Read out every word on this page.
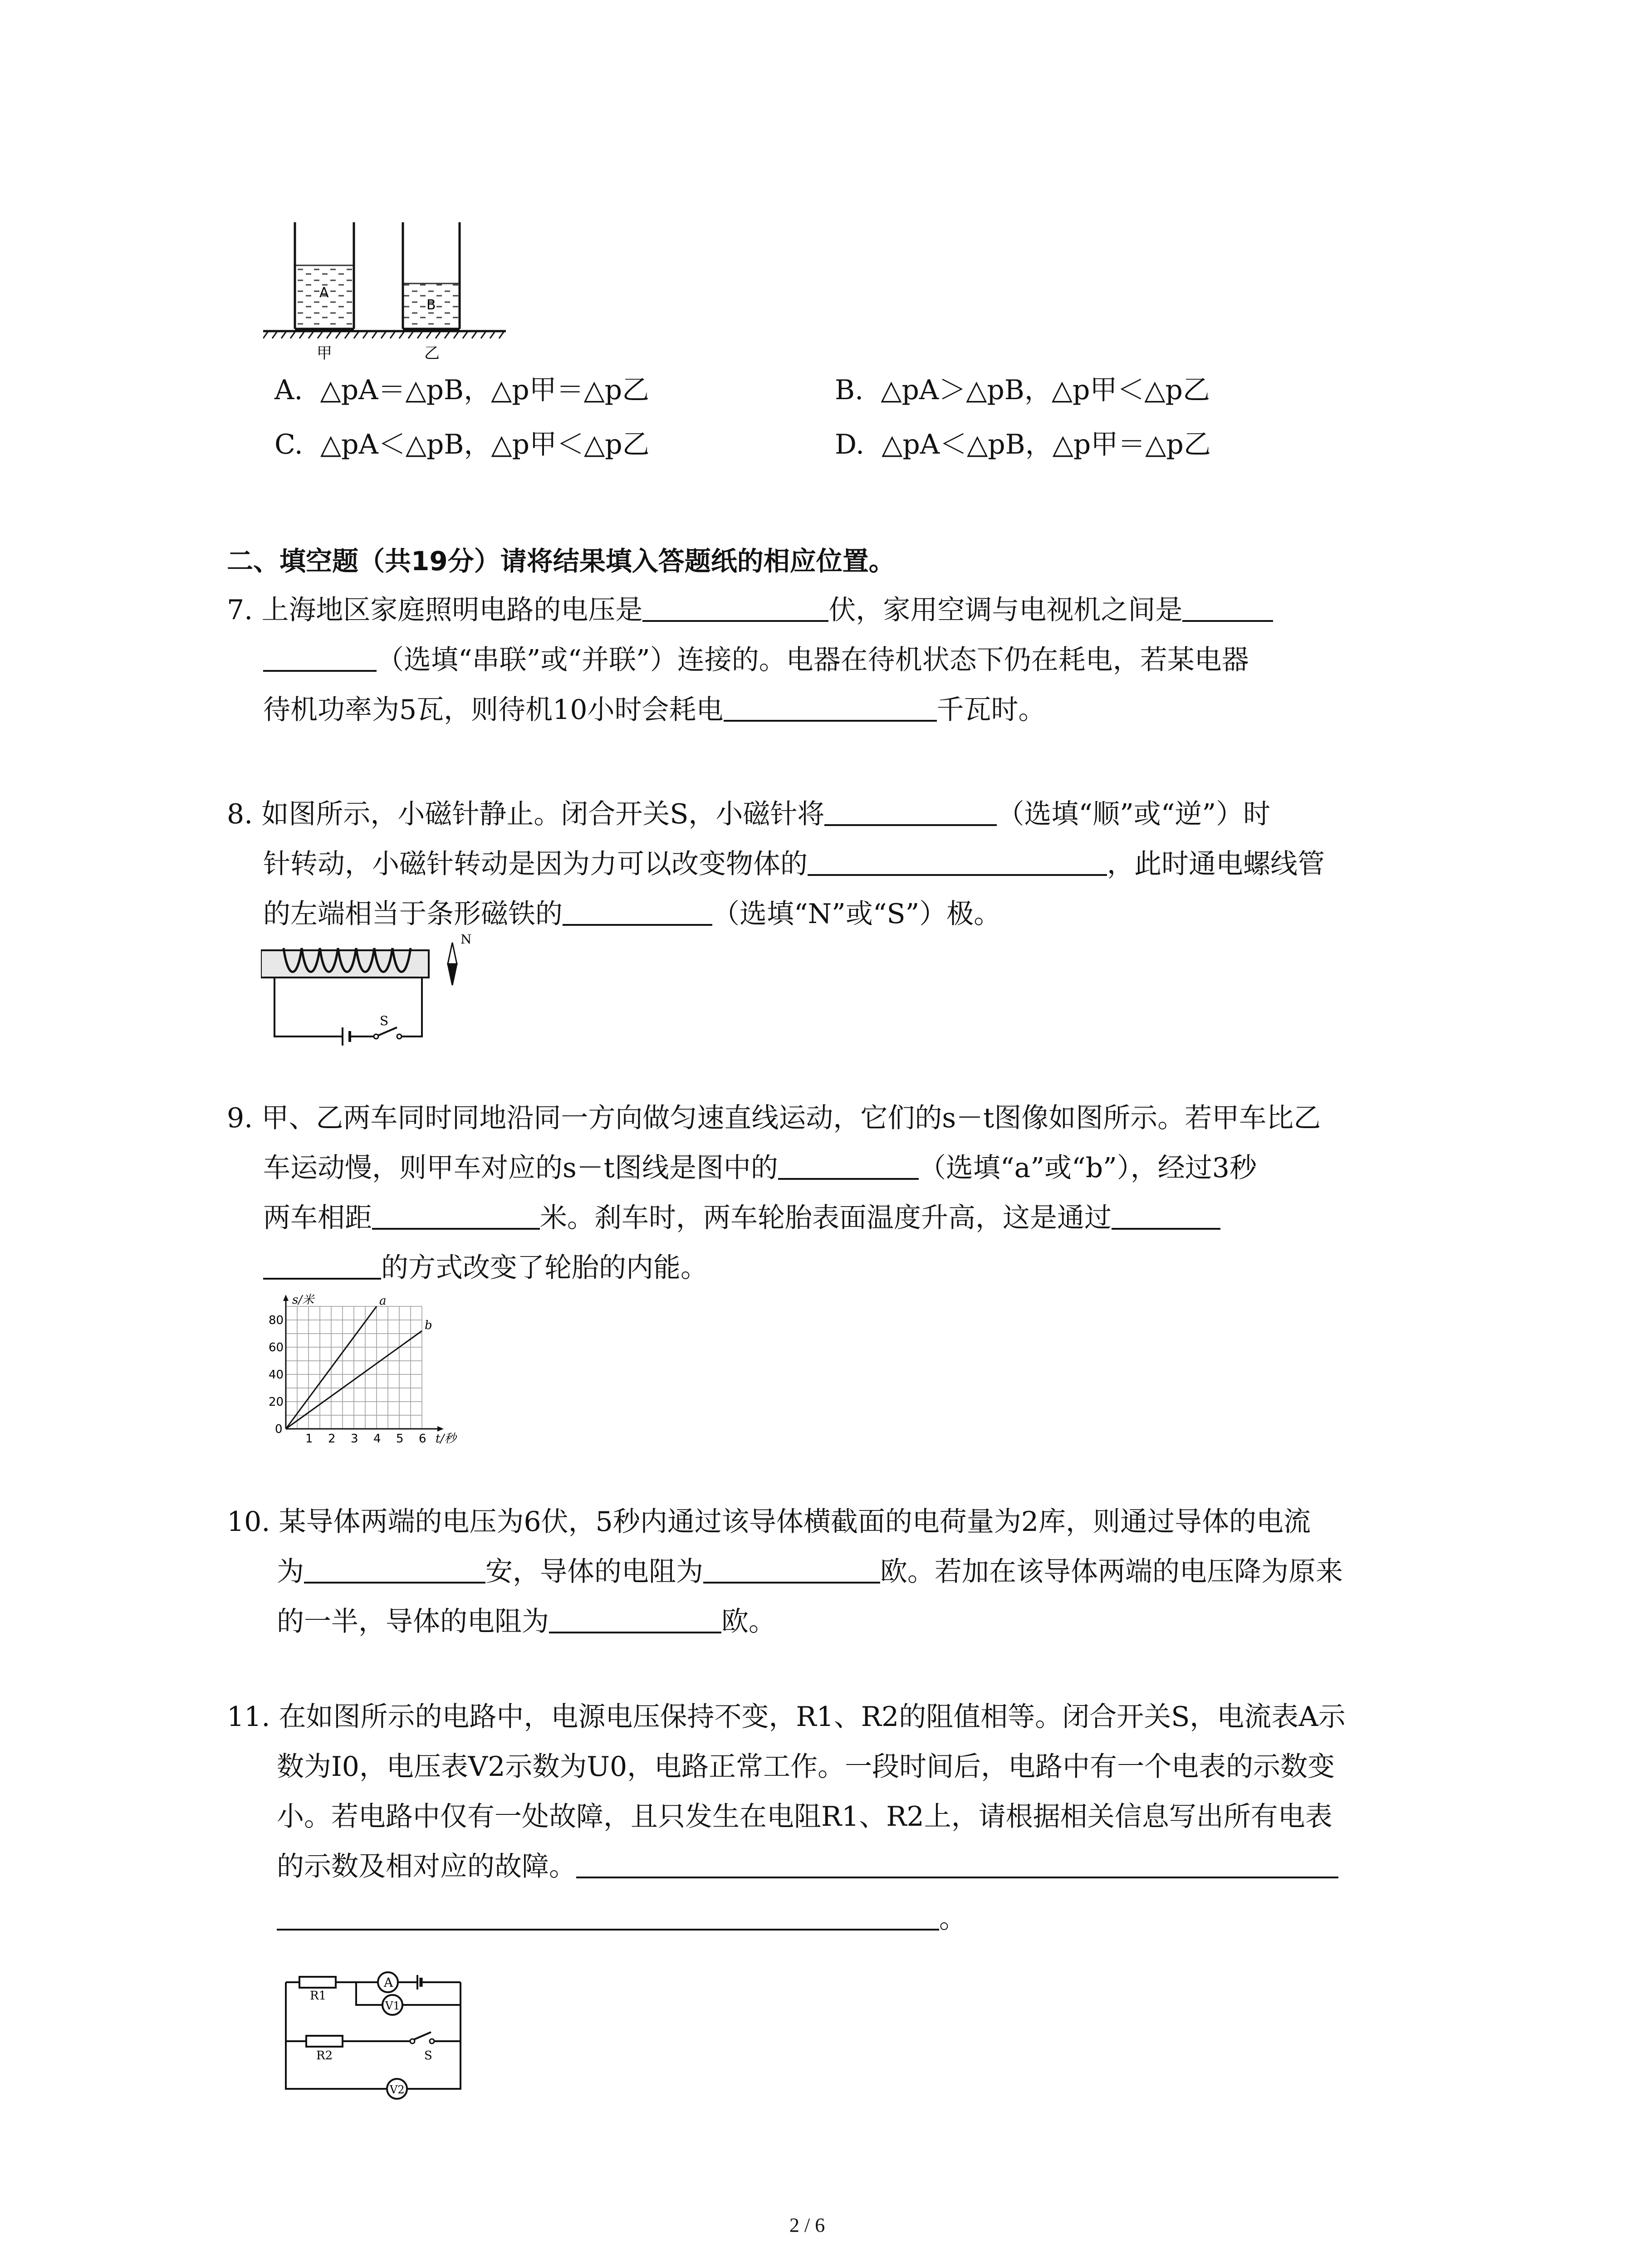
A
B
甲	乙
A. △pA＝△pB，△p甲＝△p乙	B. △pA＞△pB，△p甲＜△p乙
C. △pA＜△pB，△p甲＜△p乙	D. △pA＜△pB，△p甲＝△p乙
二、填空题（共19分）请将结果填入答题纸的相应位置。
7. 上海地区家庭照明电路的电压是	伏，家用空调与电视机之间是
（选填“串联”或“并联”）连接的。电器在待机状态下仍在耗电，若某电器
待机功率为5瓦，则待机10小时会耗电	千瓦时。
8. 如图所示，小磁针静止。闭合开关S，小磁针将	（选填“顺”或“逆”）时
针转动，小磁针转动是因为力可以改变物体的	，此时通电螺线管
的左端相当于条形磁铁的	（选填“N”或“S”）极。
N
S
9. 甲、乙两车同时同地沿同一方向做匀速直线运动，它们的s－t图像如图所示。若甲车比乙
车运动慢，则甲车对应的s－t图线是图中的	（选填“a”或“b”），经过3秒
两车相距	米。刹车时，两车轮胎表面温度升高，这是通过
的方式改变了轮胎的内能。
1 2 3 4 5 6
0
20
40
60
80
t/秒
s/米	a
b
10. 某导体两端的电压为6伏，5秒内通过该导体横截面的电荷量为2库，则通过导体的电流
为	安，导体的电阻为	欧。若加在该导体两端的电压降为原来
的一半，导体的电阻为	欧。
11. 在如图所示的电路中，电源电压保持不变，R1、R2的阻值相等。闭合开关S，电流表A示
数为I0，电压表V2示数为U0，电路正常工作。一段时间后，电路中有一个电表的示数变
小。若电路中仅有一处故障，且只发生在电阻R1、R2上，请根据相关信息写出所有电表
的示数及相对应的故障。
。
A
V1
V2
R1
R2	S
2 / 6
